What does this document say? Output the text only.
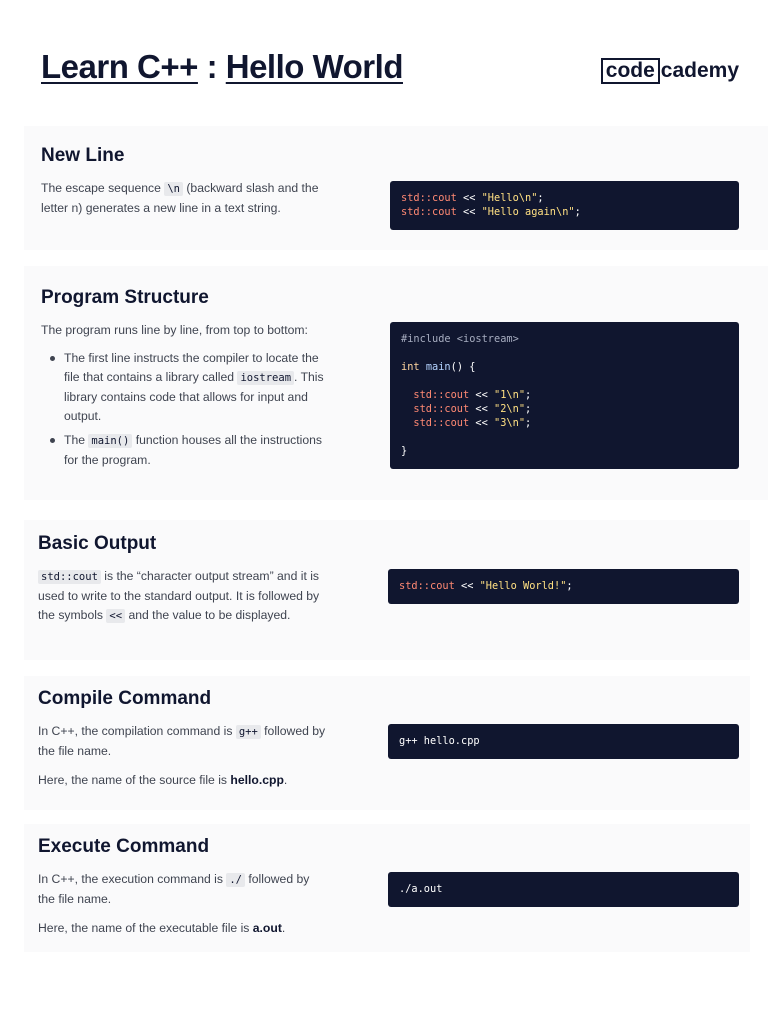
Learn C++ : Hello World	code cademy
New Line

The escape sequence \n (backward slash and the letter n) generates a new line in a text string.

std::cout << "Hello\n";
std::cout << "Hello again\n";
Program Structure

The program runs line by line, from top to bottom:

The first line instructs the compiler to locate the file that contains a library called iostream . This library contains code that allows for input and output.
The main() function houses all the instructions for the program.
#include <iostream>
int main() {
std::cout << "1\n";
std::cout << "2\n";
std::cout << "3\n";
}
Basic Output

std::cout is the “character output stream” and it is used to write to the standard output. It is followed by the symbols << and the value to be displayed.

std::cout << "Hello World!";
Compile Command

In C++, the compilation command is g++ followed by the file name.

Here, the name of the source file is hello.cpp.

g++ hello.cpp
Execute Command

In C++, the execution command is ./ followed by the file name.

Here, the name of the executable file is a.out.

./a.out
